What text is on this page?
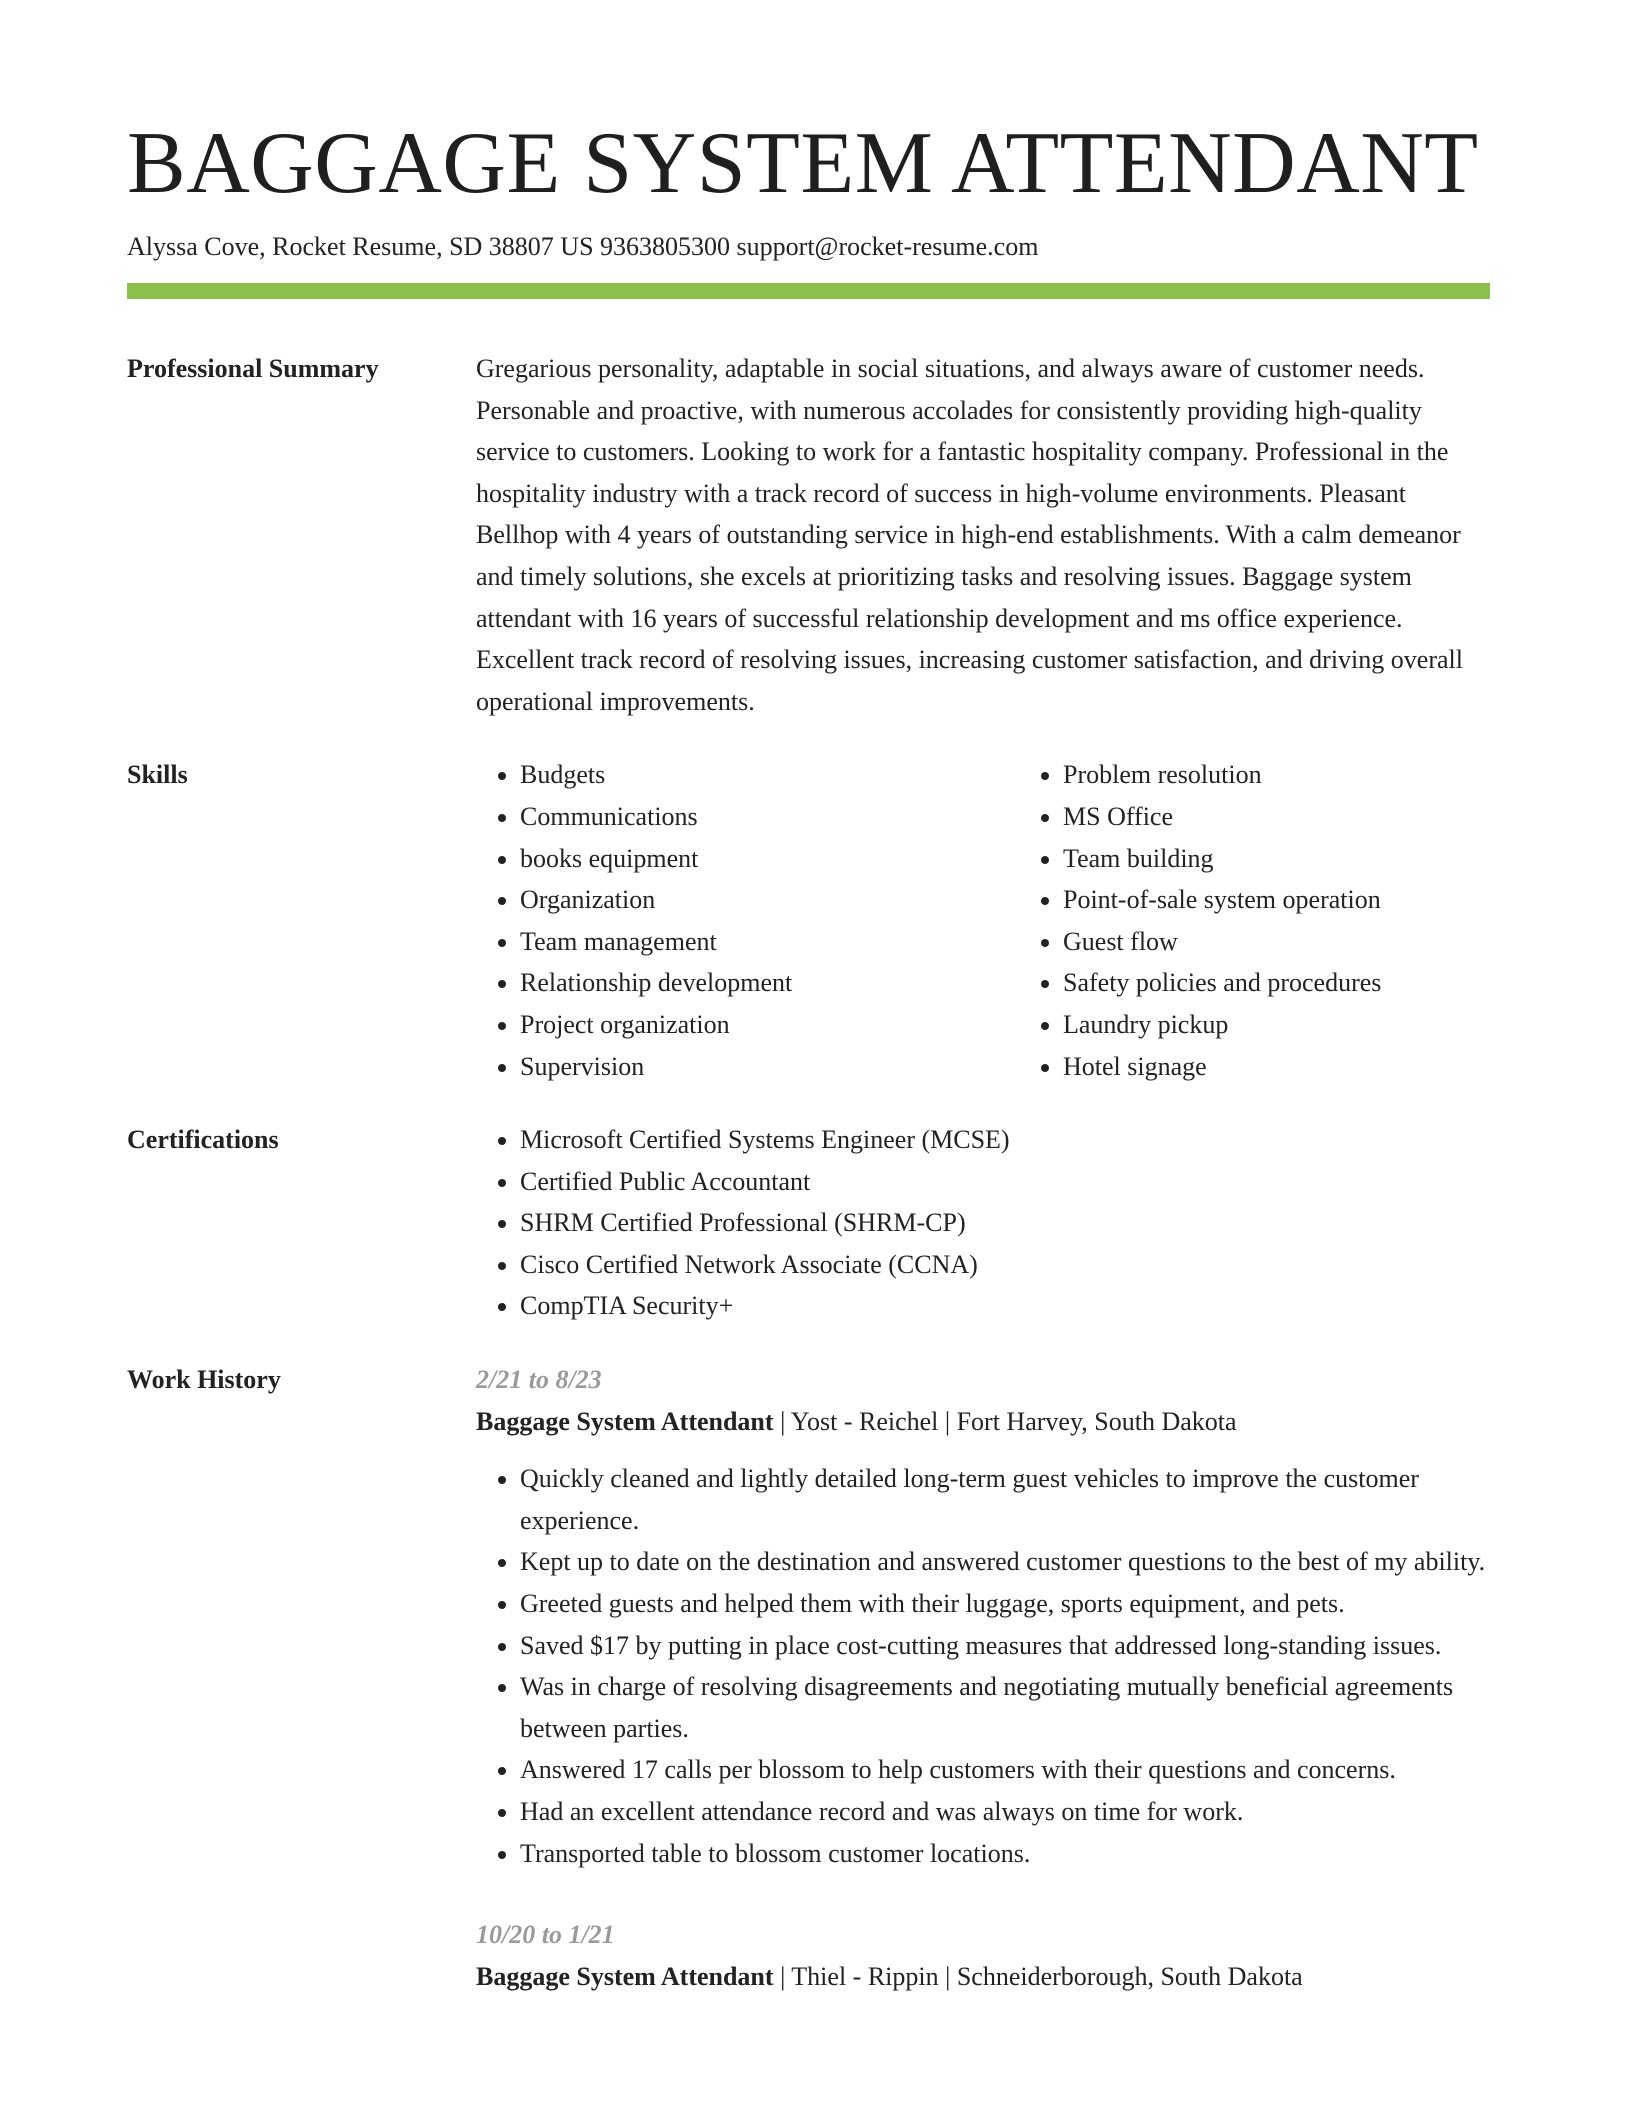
BAGGAGE SYSTEM ATTENDANT
Alyssa Cove, Rocket Resume, SD 38807 US 9363805300 support@rocket-resume.com
Professional Summary	Gregarious personality, adaptable in social situations, and always aware of customer needs. Personable and proactive, with numerous accolades for consistently providing high-quality service to customers. Looking to work for a fantastic hospitality company. Professional in the hospitality industry with a track record of success in high-volume environments. Pleasant Bellhop with 4 years of outstanding service in high-end establishments. With a calm demeanor and timely solutions, she excels at prioritizing tasks and resolving issues. Baggage system attendant with 16 years of successful relationship development and ms office experience. Excellent track record of resolving issues, increasing customer satisfaction, and driving overall operational improvements.

Skills	• Budgets
• Communications
• books equipment
• Organization
• Team management
• Relationship development
• Project organization
• Supervision
• Problem resolution
• MS Office
• Team building
• Point-of-sale system operation
• Guest flow
• Safety policies and procedures
• Laundry pickup
• Hotel signage
Certifications	• Microsoft Certified Systems Engineer (MCSE)
• Certified Public Accountant
• SHRM Certified Professional (SHRM-CP)
• Cisco Certified Network Associate (CCNA)
• CompTIA Security+
Work History	2/21 to 8/23
Baggage System Attendant | Yost - Reichel | Fort Harvey, South Dakota
• Quickly cleaned and lightly detailed long-term guest vehicles to improve the customer experience.
• Kept up to date on the destination and answered customer questions to the best of my ability.
• Greeted guests and helped them with their luggage, sports equipment, and pets.
• Saved $17 by putting in place cost-cutting measures that addressed long-standing issues.
• Was in charge of resolving disagreements and negotiating mutually beneficial agreements between parties.
• Answered 17 calls per blossom to help customers with their questions and concerns.
• Had an excellent attendance record and was always on time for work.
• Transported table to blossom customer locations.
10/20 to 1/21
Baggage System Attendant | Thiel - Rippin | Schneiderborough, South Dakota
